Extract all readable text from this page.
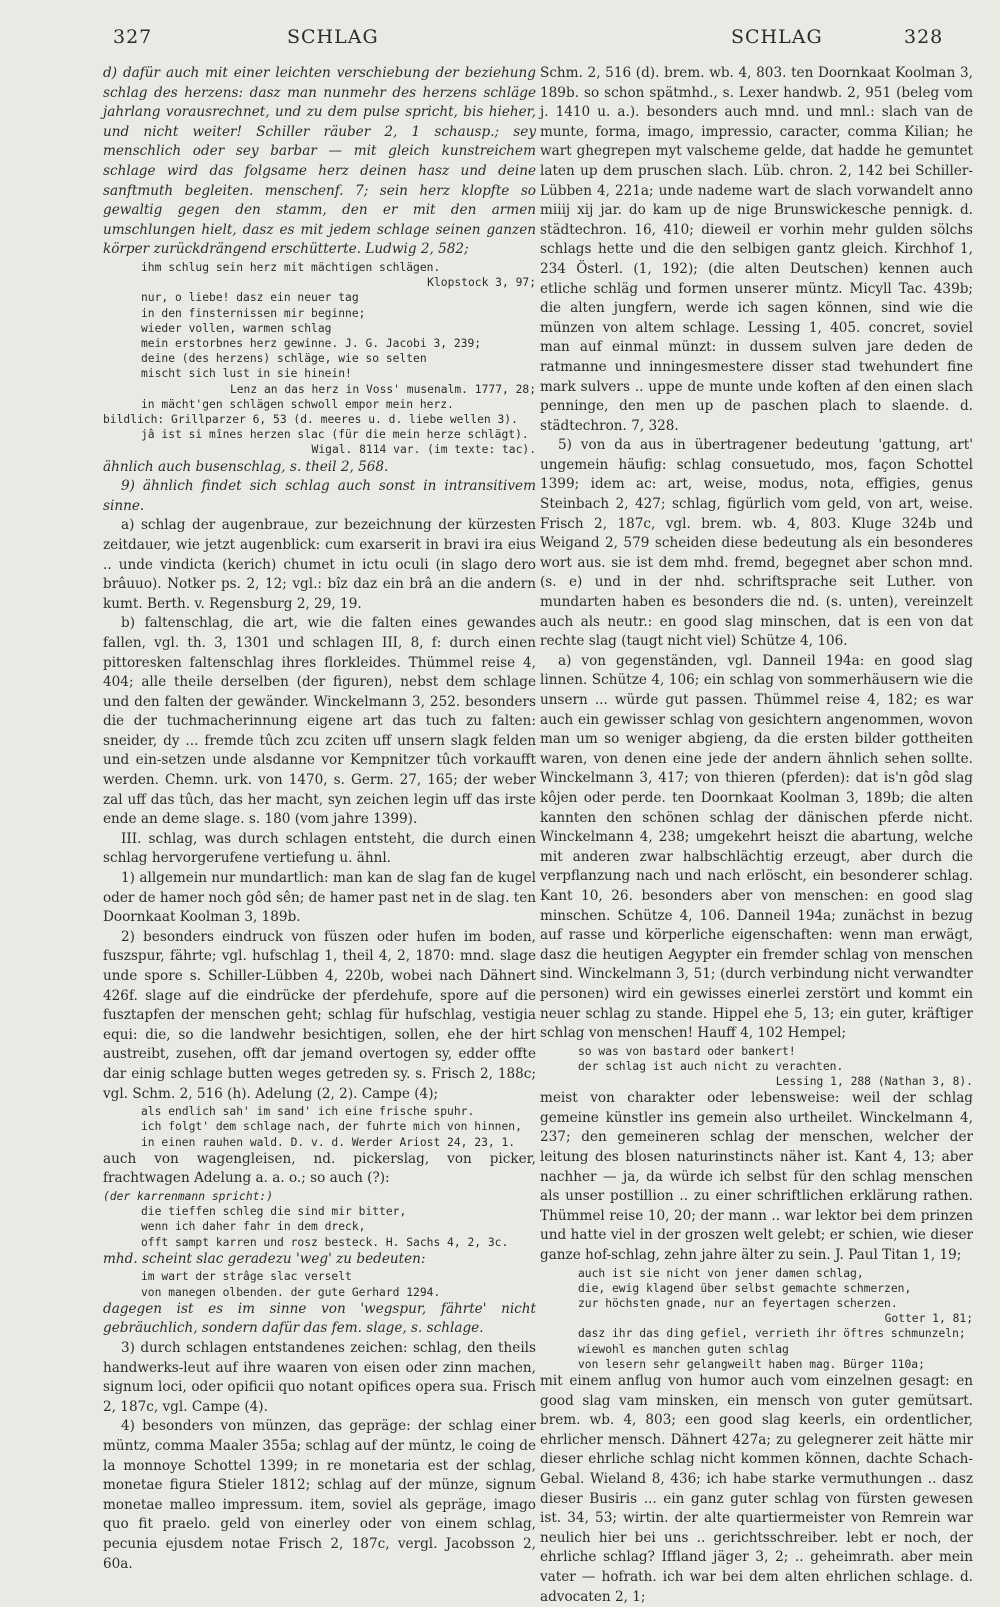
327	SCHLAG	SCHLAG	328

d) dafür auch mit einer leichten verschiebung der beziehung schlag des herzens: dasz man nunmehr des herzens schläge jahrlang vorausrechnet, und zu dem pulse spricht, bis hieher, und nicht weiter! Schiller räuber 2, 1 schausp.; sey menschlich oder sey barbar — mit gleich kunstreichem schlage wird das folgsame herz deinen hasz und deine sanftmuth begleiten. menschenf. 7; sein herz klopfte so gewaltig gegen den stamm, den er mit den armen umschlungen hielt, dasz es mit jedem schlage seinen ganzen körper zurückdrängend erschütterte. Ludwig 2, 582;

ihm schlug sein herz mit mächtigen schlägen.

Klopstock 3, 97;

nur, o liebe! dasz ein neuer tag

in den finsternissen mir beginne;

wieder vollen, warmen schlag

mein erstorbnes herz gewinne. J. G. Jacobi 3, 239;

deine (des herzens) schläge, wie so selten

mischt sich lust in sie hinein!

Lenz an das herz in Voss' musenalm. 1777, 28;

in mächt'gen schlägen schwoll empor mein herz.

bildlich: Grillparzer 6, 53 (d. meeres u. d. liebe wellen 3).

jâ ist si mînes herzen slac (für die mein herze schlägt).

Wigal. 8114 var. (im texte: tac).

ähnlich auch busenschlag, s. theil 2, 568.

9) ähnlich findet sich schlag auch sonst in intransitivem sinne.

a) schlag der augenbraue, zur bezeichnung der kürzesten zeitdauer, wie jetzt augenblick: cum exarserit in bravi ira eius .. unde vindicta (kerich) chumet in ictu oculi (in slago dero brâuuo). Notker ps. 2, 12; vgl.: bîz daz ein brâ an die andern kumt. Berth. v. Regensburg 2, 29, 19.

b) faltenschlag, die art, wie die falten eines gewandes fallen, vgl. th. 3, 1301 und schlagen III, 8, f: durch einen pittoresken faltenschlag ihres florkleides. Thümmel reise 4, 404; alle theile derselben (der figuren), nebst dem schlage und den falten der gewänder. Winckelmann 3, 252. besonders die der tuchmacherinnung eigene art das tuch zu falten: sneider, dy ... fremde tûch zcu zciten uff unsern slagk felden und ein-setzen unde alsdanne vor Kempnitzer tûch vorkaufft werden. Chemn. urk. von 1470, s. Germ. 27, 165; der weber zal uff das tûch, das her macht, syn zeichen legin uff das irste ende an deme slage. s. 180 (vom jahre 1399).

III. schlag, was durch schlagen entsteht, die durch einen schlag hervorgerufene vertiefung u. ähnl.

1) allgemein nur mundartlich: man kan de slag fan de kugel oder de hamer noch gôd sên; de hamer past net in de slag. ten Doornkaat Koolman 3, 189b.

2) besonders eindruck von füszen oder hufen im boden, fuszspur, fährte; vgl. hufschlag 1, theil 4, 2, 1870: mnd. slage unde spore s. Schiller-Lübben 4, 220b, wobei nach Dähnert 426f. slage auf die eindrücke der pferdehufe, spore auf die fusztapfen der menschen geht; schlag für hufschlag, vestigia equi: die, so die landwehr besichtigen, sollen, ehe der hirt austreibt, zusehen, offt dar jemand overtogen sy, edder offte dar einig schlage butten weges getreden sy. s. Frisch 2, 188c; vgl. Schm. 2, 516 (h). Adelung (2, 2). Campe (4);

als endlich sah' im sand' ich eine frische spuhr.

ich folgt' dem schlage nach, der fuhrte mich von hinnen,

in einen rauhen wald. D. v. d. Werder Ariost 24, 23, 1.

auch von wagengleisen, nd. pickerslag, von picker, frachtwagen Adelung a. a. o.; so auch (?):

(der karrenmann spricht:)

die tieffen schleg die sind mir bitter,

wenn ich daher fahr in dem dreck,

offt sampt karren und rosz besteck. H. Sachs 4, 2, 3c.

mhd. scheint slac geradezu 'weg' zu bedeuten:

im wart der strâge slac verselt

von manegen olbenden. der gute Gerhard 1294.

dagegen ist es im sinne von 'wegspur, fährte' nicht gebräuchlich, sondern dafür das fem. slage, s. schlage.

3) durch schlagen entstandenes zeichen: schlag, den theils handwerks-leut auf ihre waaren von eisen oder zinn machen, signum loci, oder opificii quo notant opifices opera sua. Frisch 2, 187c, vgl. Campe (4).

4) besonders von münzen, das gepräge: der schlag einer müntz, comma Maaler 355a; schlag auf der müntz, le coing de la monnoye Schottel 1399; in re monetaria est der schlag, monetae figura Stieler 1812; schlag auf der münze, signum monetae malleo impressum. item, soviel als gepräge, imago quo fit praelo. geld von einerley oder von einem schlag, pecunia ejusdem notae Frisch 2, 187c, vergl. Jacobsson 2, 60a.

Schm. 2, 516 (d). brem. wb. 4, 803. ten Doornkaat Koolman 3, 189b. so schon spätmhd., s. Lexer handwb. 2, 951 (beleg vom j. 1410 u. a.). besonders auch mnd. und mnl.: slach van de munte, forma, imago, impressio, caracter, comma Kilian; he wart ghegrepen myt valscheme gelde, dat hadde he gemuntet laten up dem pruschen slach. Lüb. chron. 2, 142 bei Schiller-Lübben 4, 221a; unde nademe wart de slach vorwandelt anno miiij xij jar. do kam up de nige Brunswickesche pennigk. d. städtechron. 16, 410; dieweil er vorhin mehr gulden sölchs schlags hette und die den selbigen gantz gleich. Kirchhof 1, 234 Österl. (1, 192); (die alten Deutschen) kennen auch etliche schläg und formen unserer müntz. Micyll Tac. 439b; die alten jungfern, werde ich sagen können, sind wie die münzen von altem schlage. Lessing 1, 405. concret, soviel man auf einmal münzt: in dussem sulven jare deden de ratmanne und inningesmestere disser stad twehundert fine mark sulvers .. uppe de munte unde koften af den einen slach penninge, den men up de paschen plach to slaende. d. städtechron. 7, 328.

5) von da aus in übertragener bedeutung 'gattung, art' ungemein häufig: schlag consuetudo, mos, façon Schottel 1399; idem ac: art, weise, modus, nota, effigies, genus Steinbach 2, 427; schlag, figürlich vom geld, von art, weise. Frisch 2, 187c, vgl. brem. wb. 4, 803. Kluge 324b und Weigand 2, 579 scheiden diese bedeutung als ein besonderes wort aus. sie ist dem mhd. fremd, begegnet aber schon mnd. (s. e) und in der nhd. schriftsprache seit Luther. von mundarten haben es besonders die nd. (s. unten), vereinzelt auch als neutr.: en good slag minschen, dat is een von dat rechte slag (taugt nicht viel) Schütze 4, 106.

a) von gegenständen, vgl. Danneil 194a: en good slag linnen. Schütze 4, 106; ein schlag von sommerhäusern wie die unsern ... würde gut passen. Thümmel reise 4, 182; es war auch ein gewisser schlag von gesichtern angenommen, wovon man um so weniger abgieng, da die ersten bilder gottheiten waren, von denen eine jede der andern ähnlich sehen sollte. Winckelmann 3, 417; von thieren (pferden): dat is'n gôd slag kôjen oder perde. ten Doornkaat Koolman 3, 189b; die alten kannten den schönen schlag der dänischen pferde nicht. Winckelmann 4, 238; umgekehrt heiszt die abartung, welche mit anderen zwar halbschlächtig erzeugt, aber durch die verpflanzung nach und nach erlöscht, ein besonderer schlag. Kant 10, 26. besonders aber von menschen: en good slag minschen. Schütze 4, 106. Danneil 194a; zunächst in bezug auf rasse und körperliche eigenschaften: wenn man erwägt, dasz die heutigen Aegypter ein fremder schlag von menschen sind. Winckelmann 3, 51; (durch verbindung nicht verwandter personen) wird ein gewisses einerlei zerstört und kommt ein neuer schlag zu stande. Hippel ehe 5, 13; ein guter, kräftiger schlag von menschen! Hauff 4, 102 Hempel;

so was von bastard oder bankert!

der schlag ist auch nicht zu verachten.

Lessing 1, 288 (Nathan 3, 8).

meist von charakter oder lebensweise: weil der schlag gemeine künstler ins gemein also urtheilet. Winckelmann 4, 237; den gemeineren schlag der menschen, welcher der leitung des blosen naturinstincts näher ist. Kant 4, 13; aber nachher — ja, da würde ich selbst für den schlag menschen als unser postillion .. zu einer schriftlichen erklärung rathen. Thümmel reise 10, 20; der mann .. war lektor bei dem prinzen und hatte viel in der groszen welt gelebt; er schien, wie dieser ganze hof-schlag, zehn jahre älter zu sein. J. Paul Titan 1, 19;

auch ist sie nicht von jener damen schlag,

die, ewig klagend über selbst gemachte schmerzen,

zur höchsten gnade, nur an feyertagen scherzen.

Gotter 1, 81;

dasz ihr das ding gefiel, verrieth ihr öftres schmunzeln;

wiewohl es manchen guten schlag

von lesern sehr gelangweilt haben mag. Bürger 110a;

mit einem anflug von humor auch vom einzelnen gesagt: en good slag vam minsken, ein mensch von guter gemütsart. brem. wb. 4, 803; een good slag keerls, ein ordentlicher, ehrlicher mensch. Dähnert 427a; zu gelegnerer zeit hätte mir dieser ehrliche schlag nicht kommen können, dachte Schach-Gebal. Wieland 8, 436; ich habe starke vermuthungen .. dasz dieser Busiris ... ein ganz guter schlag von fürsten gewesen ist. 34, 53; wirtin. der alte quartiermeister von Remrein war neulich hier bei uns .. gerichtsschreiber. lebt er noch, der ehrliche schlag? Iffland jäger 3, 2; .. geheimrath. aber mein vater — hofrath. ich war bei dem alten ehrlichen schlage. d. advocaten 2, 1;
